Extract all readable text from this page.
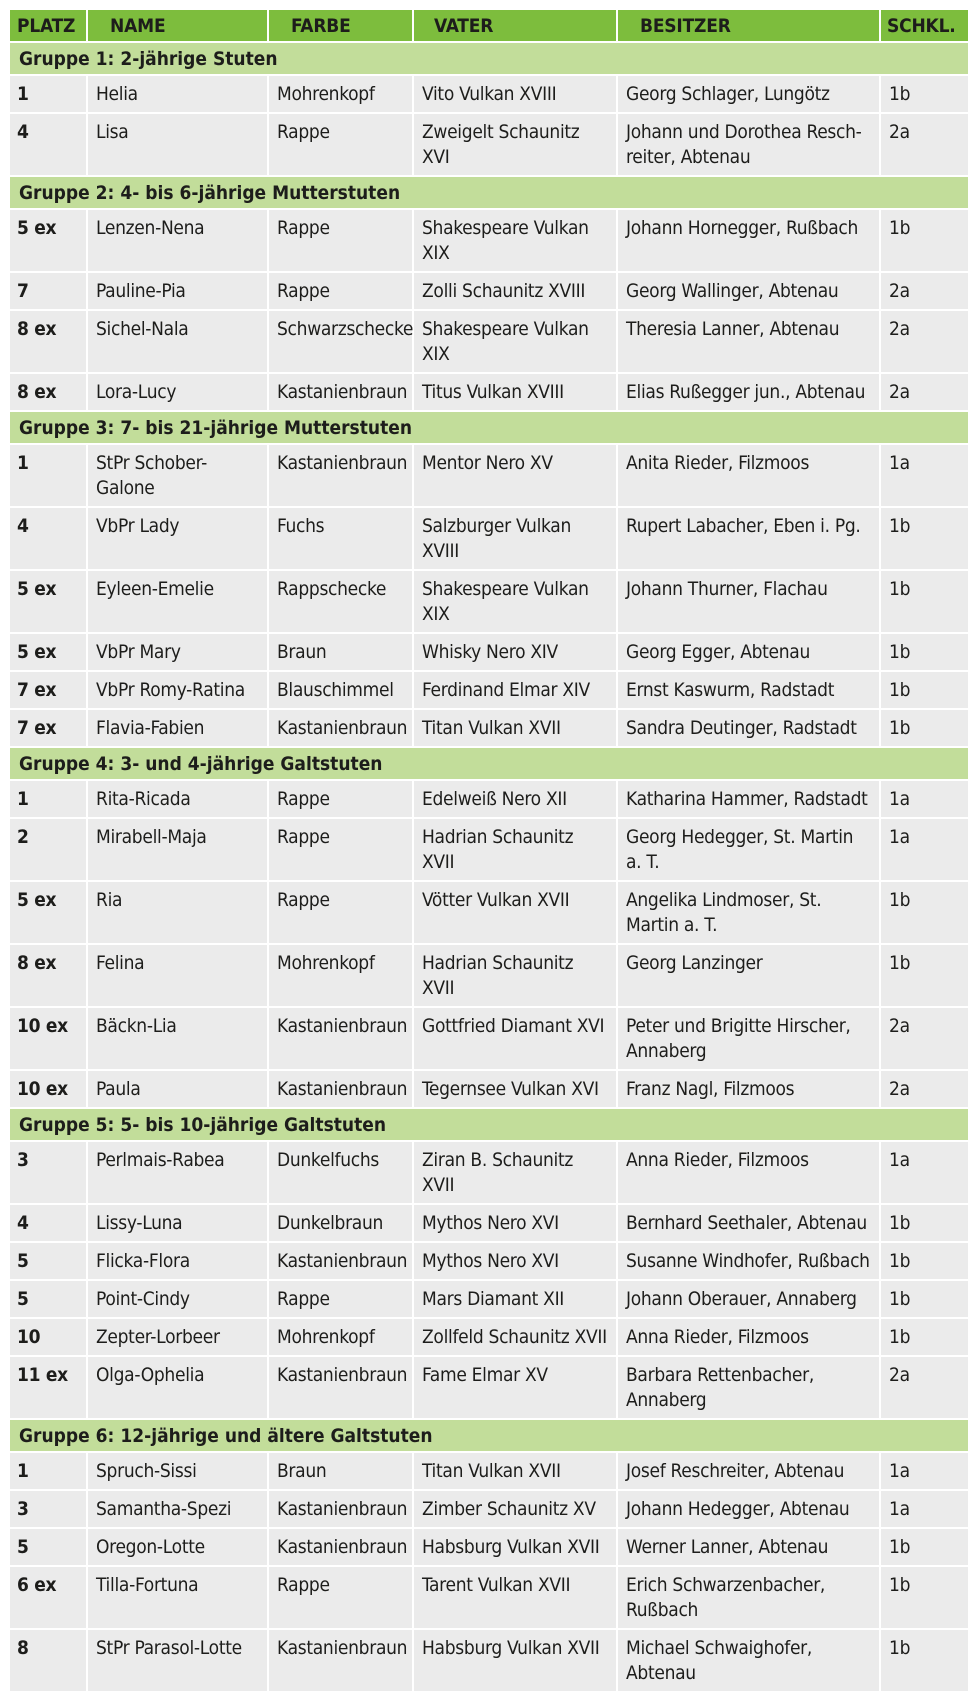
PLATZ	NAME	FARBE	VATER	BESITZER	SCHKL.
Gruppe 1: 2-jährige Stuten					
1	Helia	Mohrenkopf	Vito Vulkan XVIII	Georg Schlager, Lungötz	1b
4	Lisa	Rappe	Zweigelt Schaunitz XVI	Johann und Dorothea Resch-reiter, Abtenau	2a
Gruppe 2: 4- bis 6-jährige Mutterstuten					
5 ex	Lenzen-Nena	Rappe	Shakespeare Vulkan XIX	Johann Hornegger, Rußbach	1b
7	Pauline-Pia	Rappe	Zolli Schaunitz XVIII	Georg Wallinger, Abtenau	2a
8 ex	Sichel-Nala	Schwarzschecke	Shakespeare Vulkan XIX	Theresia Lanner, Abtenau	2a
8 ex	Lora-Lucy	Kastanienbraun	Titus Vulkan XVIII	Elias Rußegger jun., Abtenau	2a
Gruppe 3: 7- bis 21-jährige Mutterstuten					
1	StPr Schober-Galone	Kastanienbraun	Mentor Nero XV	Anita Rieder, Filzmoos	1a
4	VbPr Lady	Fuchs	Salzburger Vulkan XVIII	Rupert Labacher, Eben i. Pg.	1b
5 ex	Eyleen-Emelie	Rappschecke	Shakespeare Vulkan XIX	Johann Thurner, Flachau	1b
5 ex	VbPr Mary	Braun	Whisky Nero XIV	Georg Egger, Abtenau	1b
7 ex	VbPr Romy-Ratina	Blauschimmel	Ferdinand Elmar XIV	Ernst Kaswurm, Radstadt	1b
7 ex	Flavia-Fabien	Kastanienbraun	Titan Vulkan XVII	Sandra Deutinger, Radstadt	1b
Gruppe 4: 3- und 4-jährige Galtstuten					
1	Rita-Ricada	Rappe	Edelweiß Nero XII	Katharina Hammer, Radstadt	1a
2	Mirabell-Maja	Rappe	Hadrian Schaunitz XVII	Georg Hedegger, St. Martin a. T.	1a
5 ex	Ria	Rappe	Vötter Vulkan XVII	Angelika Lindmoser, St. Martin a. T.	1b
8 ex	Felina	Mohrenkopf	Hadrian Schaunitz XVII	Georg Lanzinger	1b
10 ex	Bäckn-Lia	Kastanienbraun	Gottfried Diamant XVI	Peter und Brigitte Hirscher, Annaberg	2a
10 ex	Paula	Kastanienbraun	Tegernsee Vulkan XVI	Franz Nagl, Filzmoos	2a
Gruppe 5: 5- bis 10-jährige Galtstuten					
3	Perlmais-Rabea	Dunkelfuchs	Ziran B. Schaunitz XVII	Anna Rieder, Filzmoos	1a
4	Lissy-Luna	Dunkelbraun	Mythos Nero XVI	Bernhard Seethaler, Abtenau	1b
5	Flicka-Flora	Kastanienbraun	Mythos Nero XVI	Susanne Windhofer, Rußbach	1b
5	Point-Cindy	Rappe	Mars Diamant XII	Johann Oberauer, Annaberg	1b
10	Zepter-Lorbeer	Mohrenkopf	Zollfeld Schaunitz XVII	Anna Rieder, Filzmoos	1b
11 ex	Olga-Ophelia	Kastanienbraun	Fame Elmar XV	Barbara Rettenbacher, Annaberg	2a
Gruppe 6: 12-jährige und ältere Galtstuten					
1	Spruch-Sissi	Braun	Titan Vulkan XVII	Josef Reschreiter, Abtenau	1a
3	Samantha-Spezi	Kastanienbraun	Zimber Schaunitz XV	Johann Hedegger, Abtenau	1a
5	Oregon-Lotte	Kastanienbraun	Habsburg Vulkan XVII	Werner Lanner, Abtenau	1b
6 ex	Tilla-Fortuna	Rappe	Tarent Vulkan XVII	Erich Schwarzenbacher, Rußbach	1b
8	StPr Parasol-Lotte	Kastanienbraun	Habsburg Vulkan XVII	Michael Schwaighofer, Abtenau	1b
